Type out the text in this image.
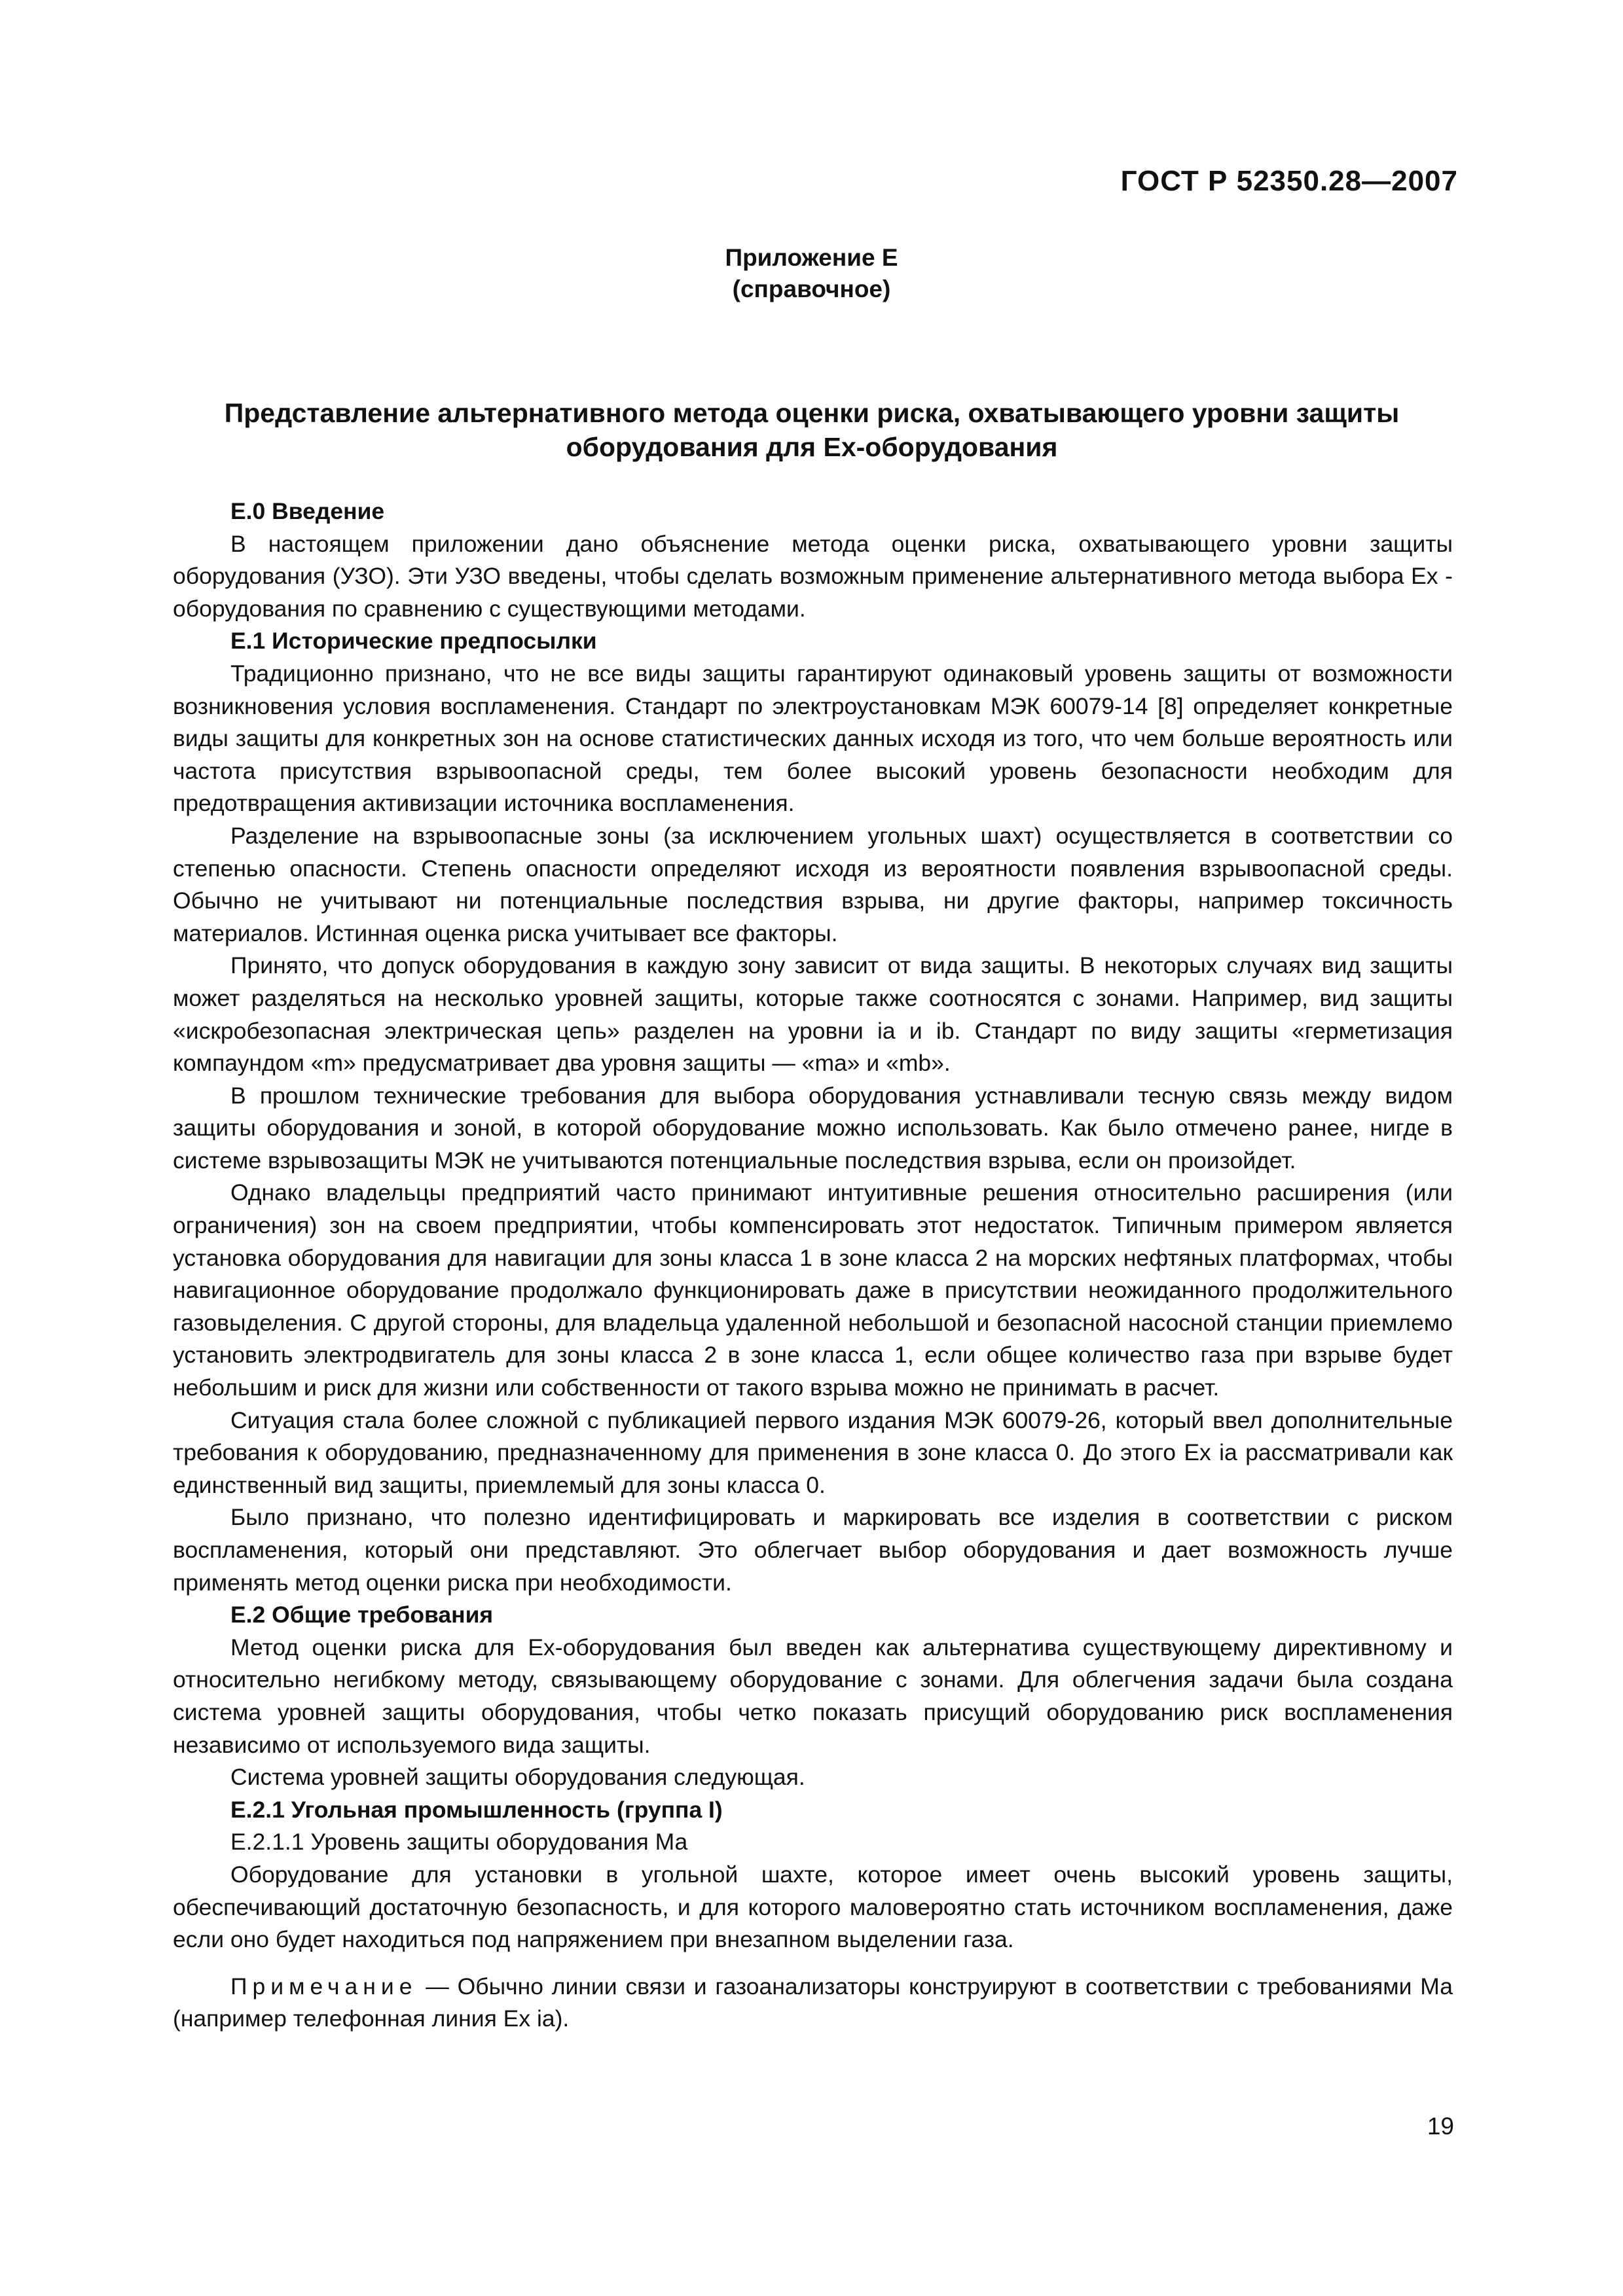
ГОСТ Р 52350.28—2007
Приложение Е
(справочное)
Представление альтернативного метода оценки риска, охватывающего уровни защиты
оборудования для Ех-оборудования

Е.0 Введение

В настоящем приложении дано объяснение метода оценки риска, охватывающего уровни защиты оборудования (УЗО). Эти УЗО введены, чтобы сделать возможным применение альтернативного метода выбора Ex - оборудования по сравнению с существующими методами.

Е.1 Исторические предпосылки

Традиционно признано, что не все виды защиты гарантируют одинаковый уровень защиты от возможности возникновения условия воспламенения. Стандарт по электроустановкам МЭК 60079-14 [8] определяет конкретные виды защиты для конкретных зон на основе статистических данных исходя из того, что чем больше вероятность или частота присутствия взрывоопасной среды, тем более высокий уровень безопасности необходим для предотвращения активизации источника воспламенения.

Разделение на взрывоопасные зоны (за исключением угольных шахт) осуществляется в соответствии со степенью опасности. Степень опасности определяют исходя из вероятности появления взрывоопасной среды. Обычно не учитывают ни потенциальные последствия взрыва, ни другие факторы, например токсичность материалов. Истинная оценка риска учитывает все факторы.

Принято, что допуск оборудования в каждую зону зависит от вида защиты. В некоторых случаях вид защиты может разделяться на несколько уровней защиты, которые также соотносятся с зонами. Например, вид защиты «искробезопасная электрическая цепь» разделен на уровни ia и ib. Стандарт по виду защиты «герметизация компаундом «m» предусматривает два уровня защиты — «ma» и «mb».

В прошлом технические требования для выбора оборудования устнавливали тесную связь между видом защиты оборудования и зоной, в которой оборудование можно использовать. Как было отмечено ранее, нигде в системе взрывозащиты МЭК не учитываются потенциальные последствия взрыва, если он произойдет.

Однако владельцы предприятий часто принимают интуитивные решения относительно расширения (или ограничения) зон на своем предприятии, чтобы компенсировать этот недостаток. Типичным примером является установка оборудования для навигации для зоны класса 1 в зоне класса 2 на морских нефтяных платформах, чтобы навигационное оборудование продолжало функционировать даже в присутствии неожиданного продолжительного газовыделения. С другой стороны, для владельца удаленной небольшой и безопасной насосной станции приемлемо установить электродвигатель для зоны класса 2 в зоне класса 1, если общее количество газа при взрыве будет небольшим и риск для жизни или собственности от такого взрыва можно не принимать в расчет.

Ситуация стала более сложной с публикацией первого издания МЭК 60079-26, который ввел дополнительные требования к оборудованию, предназначенному для применения в зоне класса 0. До этого Ex ia рассматривали как единственный вид защиты, приемлемый для зоны класса 0.

Было признано, что полезно идентифицировать и маркировать все изделия в соответствии с риском воспламенения, который они представляют. Это облегчает выбор оборудования и дает возможность лучше применять метод оценки риска при необходимости.

Е.2 Общие требования

Метод оценки риска для Ех-оборудования был введен как альтернатива существующему директивному и относительно негибкому методу, связывающему оборудование с зонами. Для облегчения задачи была создана система уровней защиты оборудования, чтобы четко показать присущий оборудованию риск воспламенения независимо от используемого вида защиты.

Система уровней защиты оборудования следующая.

Е.2.1 Угольная промышленность (группа I)

Е.2.1.1 Уровень защиты оборудования Ма

Оборудование для установки в угольной шахте, которое имеет очень высокий уровень защиты, обеспечивающий достаточную безопасность, и для которого маловероятно стать источником воспламенения, даже если оно будет находиться под напряжением при внезапном выделении газа.

Примечание — Обычно линии связи и газоанализаторы конструируют в соответствии с требованиями Ма (например телефонная линия Ex ia).

19
